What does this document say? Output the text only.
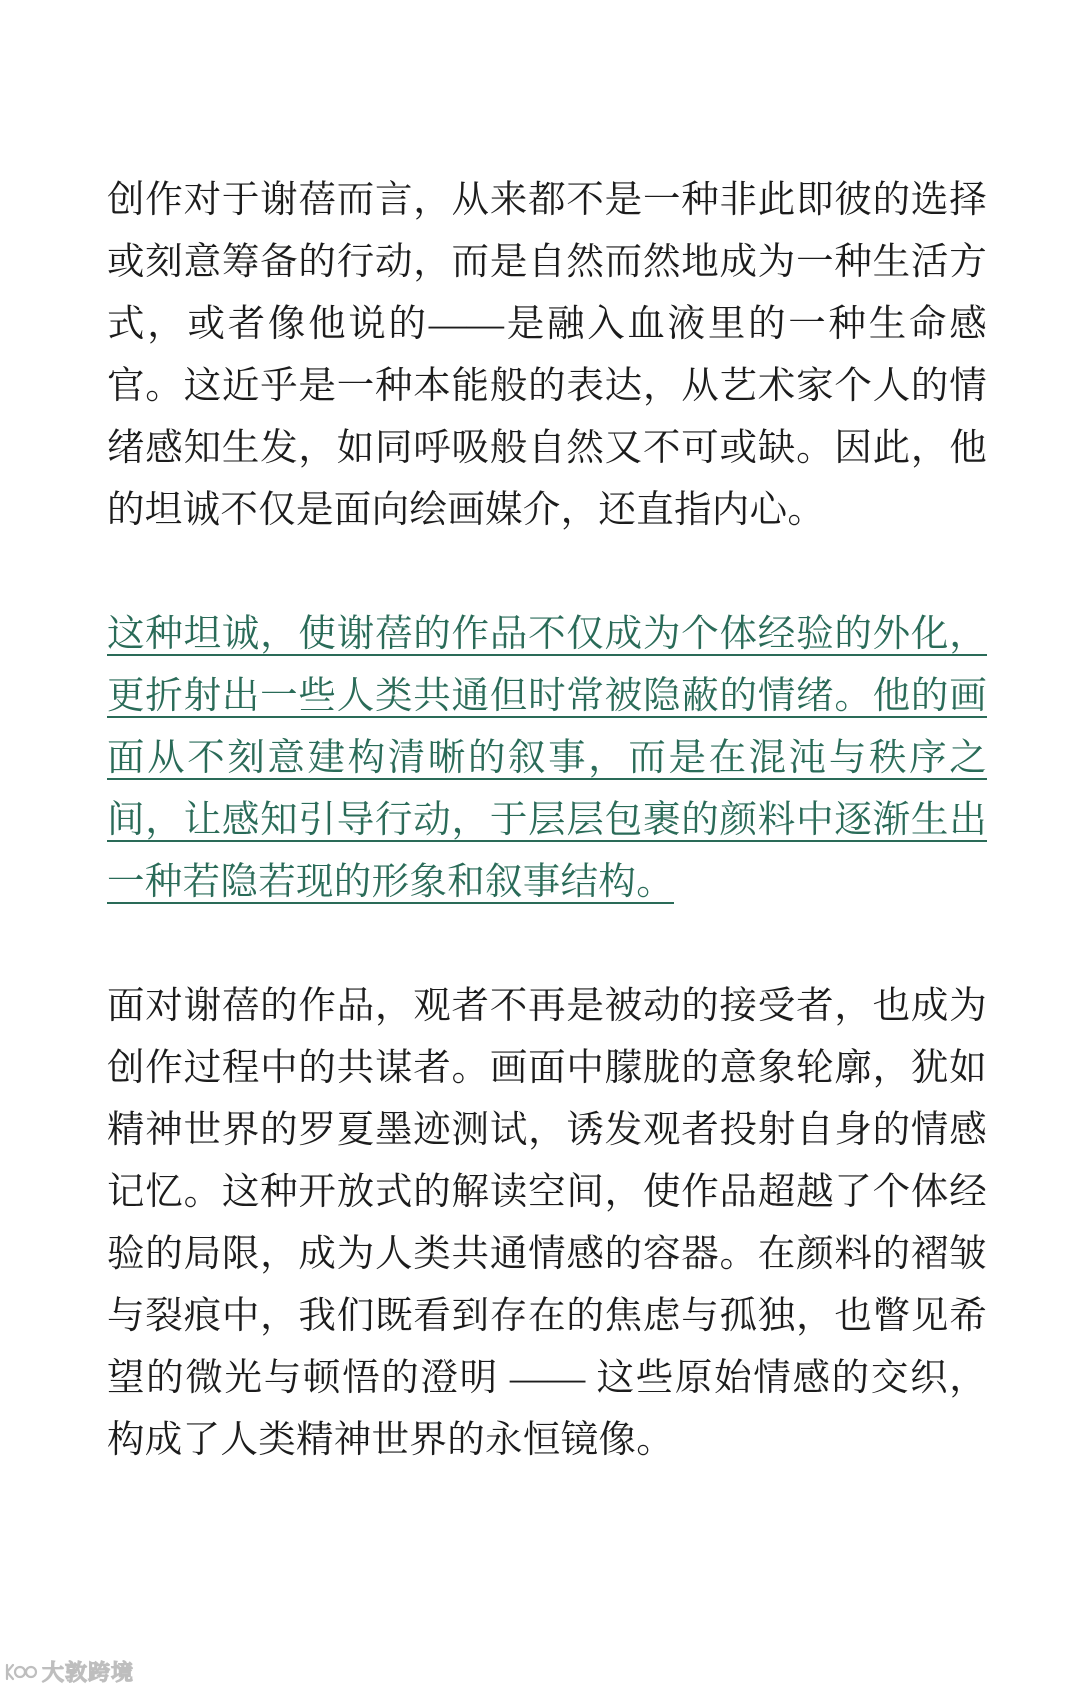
创作对于谢蓓而言，从来都不是一种非此即彼的选择或刻意筹备的行动，而是自然而然地成为一种生活方式，或者像他说的——是融入血液里的一种生命感官。这近乎是一种本能般的表达，从艺术家个人的情绪感知生发，如同呼吸般自然又不可或缺。因此，他的坦诚不仅是面向绘画媒介，还直指内心。

这种坦诚，使谢蓓的作品不仅成为个体经验的外化，更折射出一些人类共通但时常被隐蔽的情绪。他的画面从不刻意建构清晰的叙事，而是在混沌与秩序之间，让感知引导行动，于层层包裹的颜料中逐渐生出一种若隐若现的形象和叙事结构。

面对谢蓓的作品，观者不再是被动的接受者，也成为创作过程中的共谋者。画面中朦胧的意象轮廓，犹如精神世界的罗夏墨迹测试，诱发观者投射自身的情感记忆。这种开放式的解读空间，使作品超越了个体经验的局限，成为人类共通情感的容器。在颜料的褶皱与裂痕中，我们既看到存在的焦虑与孤独，也瞥见希望的微光与顿悟的澄明 —— 这些原始情感的交织，构成了人类精神世界的永恒镜像。

大敦跨境
